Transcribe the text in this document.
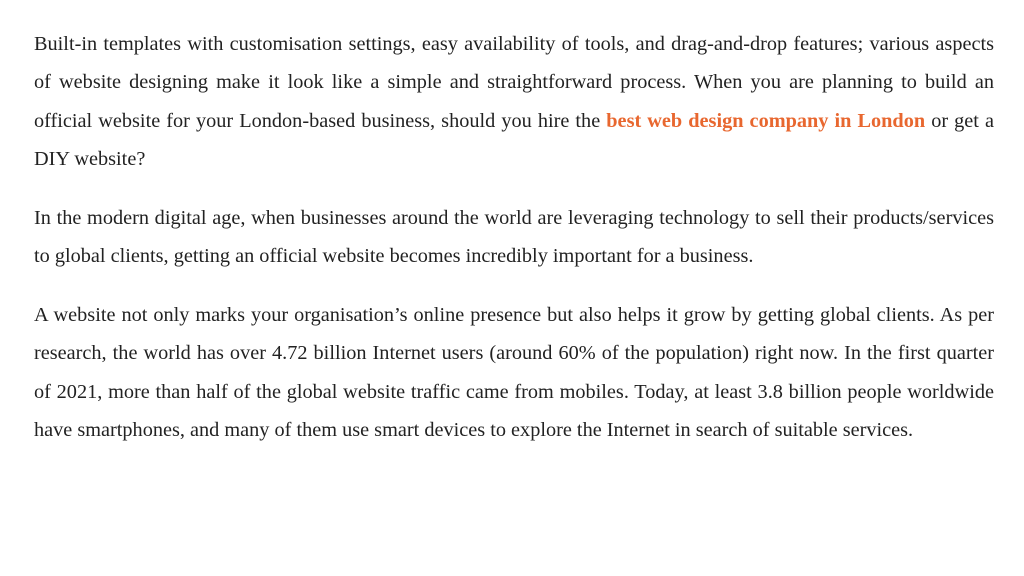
Built-in templates with customisation settings, easy availability of tools, and drag-and-drop features; various aspects of website designing make it look like a simple and straightforward process. When you are planning to build an official website for your London-based business, should you hire the best web design company in London or get a DIY website?

In the modern digital age, when businesses around the world are leveraging technology to sell their products/services to global clients, getting an official website becomes incredibly important for a business.

A website not only marks your organisation’s online presence but also helps it grow by getting global clients. As per research, the world has over 4.72 billion Internet users (around 60% of the population) right now. In the first quarter of 2021, more than half of the global website traffic came from mobiles. Today, at least 3.8 billion people worldwide have smartphones, and many of them use smart devices to explore the Internet in search of suitable services.
